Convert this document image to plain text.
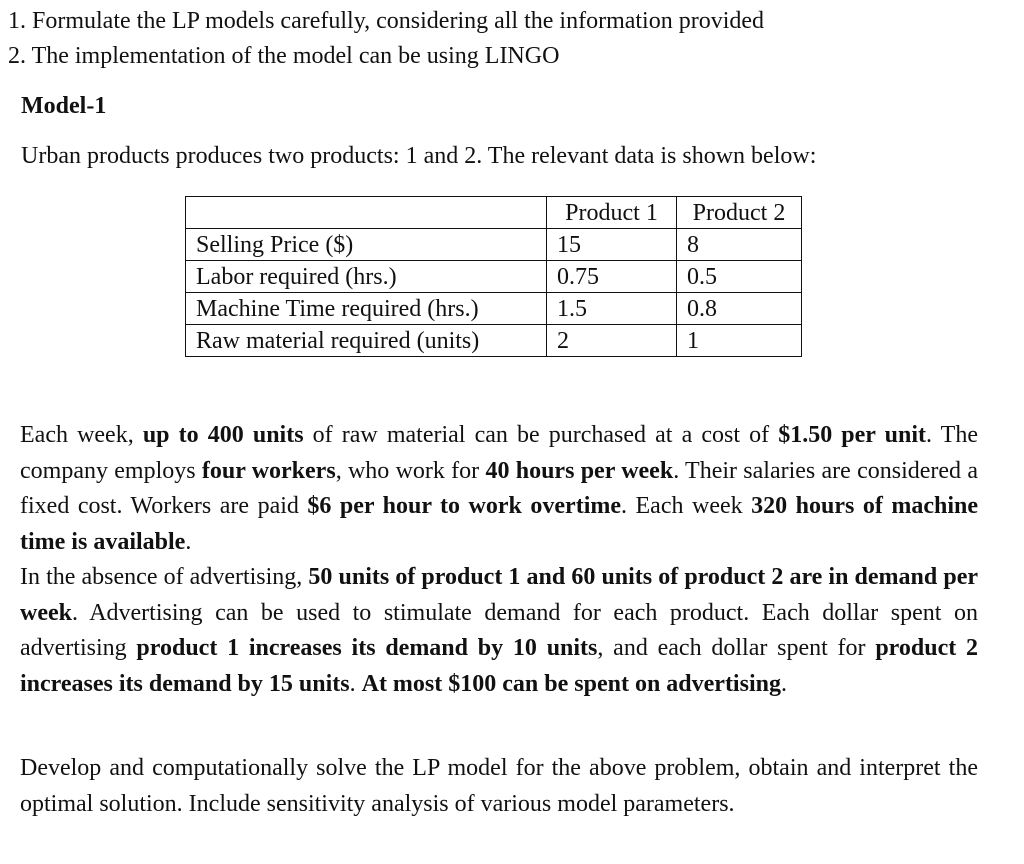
1. Formulate the LP models carefully, considering all the information provided
2. The implementation of the model can be using LINGO
Model-1

Urban products produces two products: 1 and 2. The relevant data is shown below:

	Product 1	Product 2
Selling Price ($)	15	8
Labor required (hrs.)	0.75	0.5
Machine Time required (hrs.)	1.5	0.8
Raw material required (units)	2	1

Each week, up to 400 units of raw material can be purchased at a cost of $1.50 per unit. The company employs four workers, who work for 40 hours per week. Their salaries are considered a fixed cost. Workers are paid $6 per hour to work overtime. Each week 320 hours of machine time is available.

In the absence of advertising, 50 units of product 1 and 60 units of product 2 are in demand per week. Advertising can be used to stimulate demand for each product. Each dollar spent on advertising product 1 increases its demand by 10 units, and each dollar spent for product 2 increases its demand by 15 units. At most $100 can be spent on advertising.

Develop and computationally solve the LP model for the above problem, obtain and interpret the optimal solution. Include sensitivity analysis of various model parameters.
